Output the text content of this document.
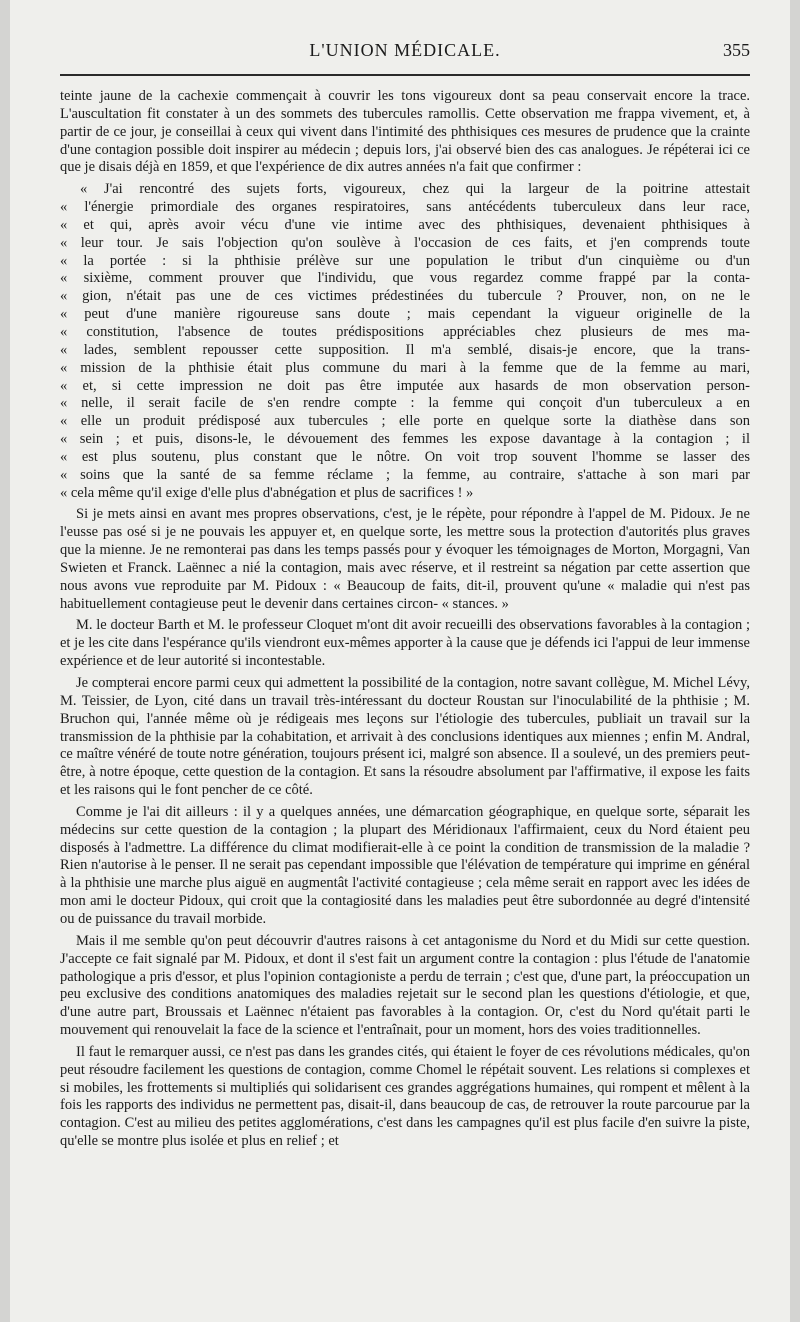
L'UNION MÉDICALE.	355

teinte jaune de la cachexie commençait à couvrir les tons vigoureux dont sa peau conservait encore la trace. L'auscultation fit constater à un des sommets des tubercules ramollis. Cette observation me frappa vivement, et, à partir de ce jour, je conseillai à ceux qui vivent dans l'intimité des phthisiques ces mesures de prudence que la crainte d'une contagion possible doit inspirer au médecin ; depuis lors, j'ai observé bien des cas analogues. Je répéterai ici ce que je disais déjà en 1859, et que l'expérience de dix autres années n'a fait que confirmer :

« J'ai rencontré des sujets forts, vigoureux, chez qui la largeur de la poitrine attestait
« l'énergie primordiale des organes respiratoires, sans antécédents tuberculeux dans leur race,
« et qui, après avoir vécu d'une vie intime avec des phthisiques, devenaient phthisiques à
« leur tour. Je sais l'objection qu'on soulève à l'occasion de ces faits, et j'en comprends toute
« la portée : si la phthisie prélève sur une population le tribut d'un cinquième ou d'un
« sixième, comment prouver que l'individu, que vous regardez comme frappé par la conta-
« gion, n'était pas une de ces victimes prédestinées du tubercule ? Prouver, non, on ne le
« peut d'une manière rigoureuse sans doute ; mais cependant la vigueur originelle de la
« constitution, l'absence de toutes prédispositions appréciables chez plusieurs de mes ma-
« lades, semblent repousser cette supposition. Il m'a semblé, disais-je encore, que la trans-
« mission de la phthisie était plus commune du mari à la femme que de la femme au mari,
« et, si cette impression ne doit pas être imputée aux hasards de mon observation person-
« nelle, il serait facile de s'en rendre compte : la femme qui conçoit d'un tuberculeux a en
« elle un produit prédisposé aux tubercules ; elle porte en quelque sorte la diathèse dans son
« sein ; et puis, disons-le, le dévouement des femmes les expose davantage à la contagion ; il
« est plus soutenu, plus constant que le nôtre. On voit trop souvent l'homme se lasser des
« soins que la santé de sa femme réclame ; la femme, au contraire, s'attache à son mari par
« cela même qu'il exige d'elle plus d'abnégation et plus de sacrifices ! »

Si je mets ainsi en avant mes propres observations, c'est, je le répète, pour répondre à l'appel de M. Pidoux. Je ne l'eusse pas osé si je ne pouvais les appuyer et, en quelque sorte, les mettre sous la protection d'autorités plus graves que la mienne. Je ne remonterai pas dans les temps passés pour y évoquer les témoignages de Morton, Morgagni, Van Swieten et Franck. Laënnec a nié la contagion, mais avec réserve, et il restreint sa négation par cette assertion que nous avons vue reproduite par M. Pidoux : « Beaucoup de faits, dit-il, prouvent qu'une « maladie qui n'est pas habituellement contagieuse peut le devenir dans certaines circon- « stances. »

M. le docteur Barth et M. le professeur Cloquet m'ont dit avoir recueilli des observations favorables à la contagion ; et je les cite dans l'espérance qu'ils viendront eux-mêmes apporter à la cause que je défends ici l'appui de leur immense expérience et de leur autorité si incontestable.

Je compterai encore parmi ceux qui admettent la possibilité de la contagion, notre savant collègue, M. Michel Lévy, M. Teissier, de Lyon, cité dans un travail très-intéressant du docteur Roustan sur l'inoculabilité de la phthisie ; M. Bruchon qui, l'année même où je rédigeais mes leçons sur l'étiologie des tubercules, publiait un travail sur la transmission de la phthisie par la cohabitation, et arrivait à des conclusions identiques aux miennes ; enfin M. Andral, ce maître vénéré de toute notre génération, toujours présent ici, malgré son absence. Il a soulevé, un des premiers peut-être, à notre époque, cette question de la contagion. Et sans la résoudre absolument par l'affirmative, il expose les faits et les raisons qui le font pencher de ce côté.

Comme je l'ai dit ailleurs : il y a quelques années, une démarcation géographique, en quelque sorte, séparait les médecins sur cette question de la contagion ; la plupart des Méridionaux l'affirmaient, ceux du Nord étaient peu disposés à l'admettre. La différence du climat modifierait-elle à ce point la condition de transmission de la maladie ? Rien n'autorise à le penser. Il ne serait pas cependant impossible que l'élévation de température qui imprime en général à la phthisie une marche plus aiguë en augmentât l'activité contagieuse ; cela même serait en rapport avec les idées de mon ami le docteur Pidoux, qui croit que la contagiosité dans les maladies peut être subordonnée au degré d'intensité ou de puissance du travail morbide.

Mais il me semble qu'on peut découvrir d'autres raisons à cet antagonisme du Nord et du Midi sur cette question. J'accepte ce fait signalé par M. Pidoux, et dont il s'est fait un argument contre la contagion : plus l'étude de l'anatomie pathologique a pris d'essor, et plus l'opinion contagioniste a perdu de terrain ; c'est que, d'une part, la préoccupation un peu exclusive des conditions anatomiques des maladies rejetait sur le second plan les questions d'étiologie, et que, d'une autre part, Broussais et Laënnec n'étaient pas favorables à la contagion. Or, c'est du Nord qu'était parti le mouvement qui renouvelait la face de la science et l'entraînait, pour un moment, hors des voies traditionnelles.

Il faut le remarquer aussi, ce n'est pas dans les grandes cités, qui étaient le foyer de ces révolutions médicales, qu'on peut résoudre facilement les questions de contagion, comme Chomel le répétait souvent. Les relations si complexes et si mobiles, les frottements si multipliés qui solidarisent ces grandes aggrégations humaines, qui rompent et mêlent à la fois les rapports des individus ne permettent pas, disait-il, dans beaucoup de cas, de retrouver la route parcourue par la contagion. C'est au milieu des petites agglomérations, c'est dans les campagnes qu'il est plus facile d'en suivre la piste, qu'elle se montre plus isolée et plus en relief ; et
